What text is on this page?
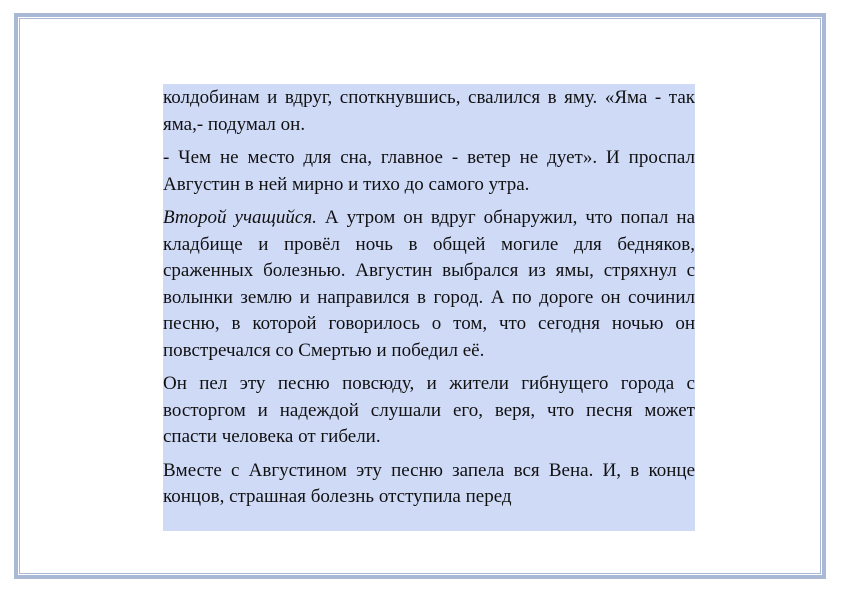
колдобинам и вдруг, споткнувшись, свалился в яму. «Яма - так яма,- подумал он.

- Чем не место для сна, главное - ветер не дует». И проспал Августин в ней мирно и тихо до самого утра.

Второй учащийся. А утром он вдруг обнаружил, что попал на кладбище и провёл ночь в общей могиле для бедняков, сраженных болезнью. Августин выбрался из ямы, стряхнул с волынки землю и направился в город. А по дороге он сочинил песню, в которой говорилось о том, что сегодня ночью он повстречался со Смертью и победил её.

Он пел эту песню повсюду, и жители гибнущего города с восторгом и надеждой слушали его, веря, что песня может спасти человека от гибели.

Вместе с Августином эту песню запела вся Вена. И, в конце концов, страшная болезнь отступила перед
